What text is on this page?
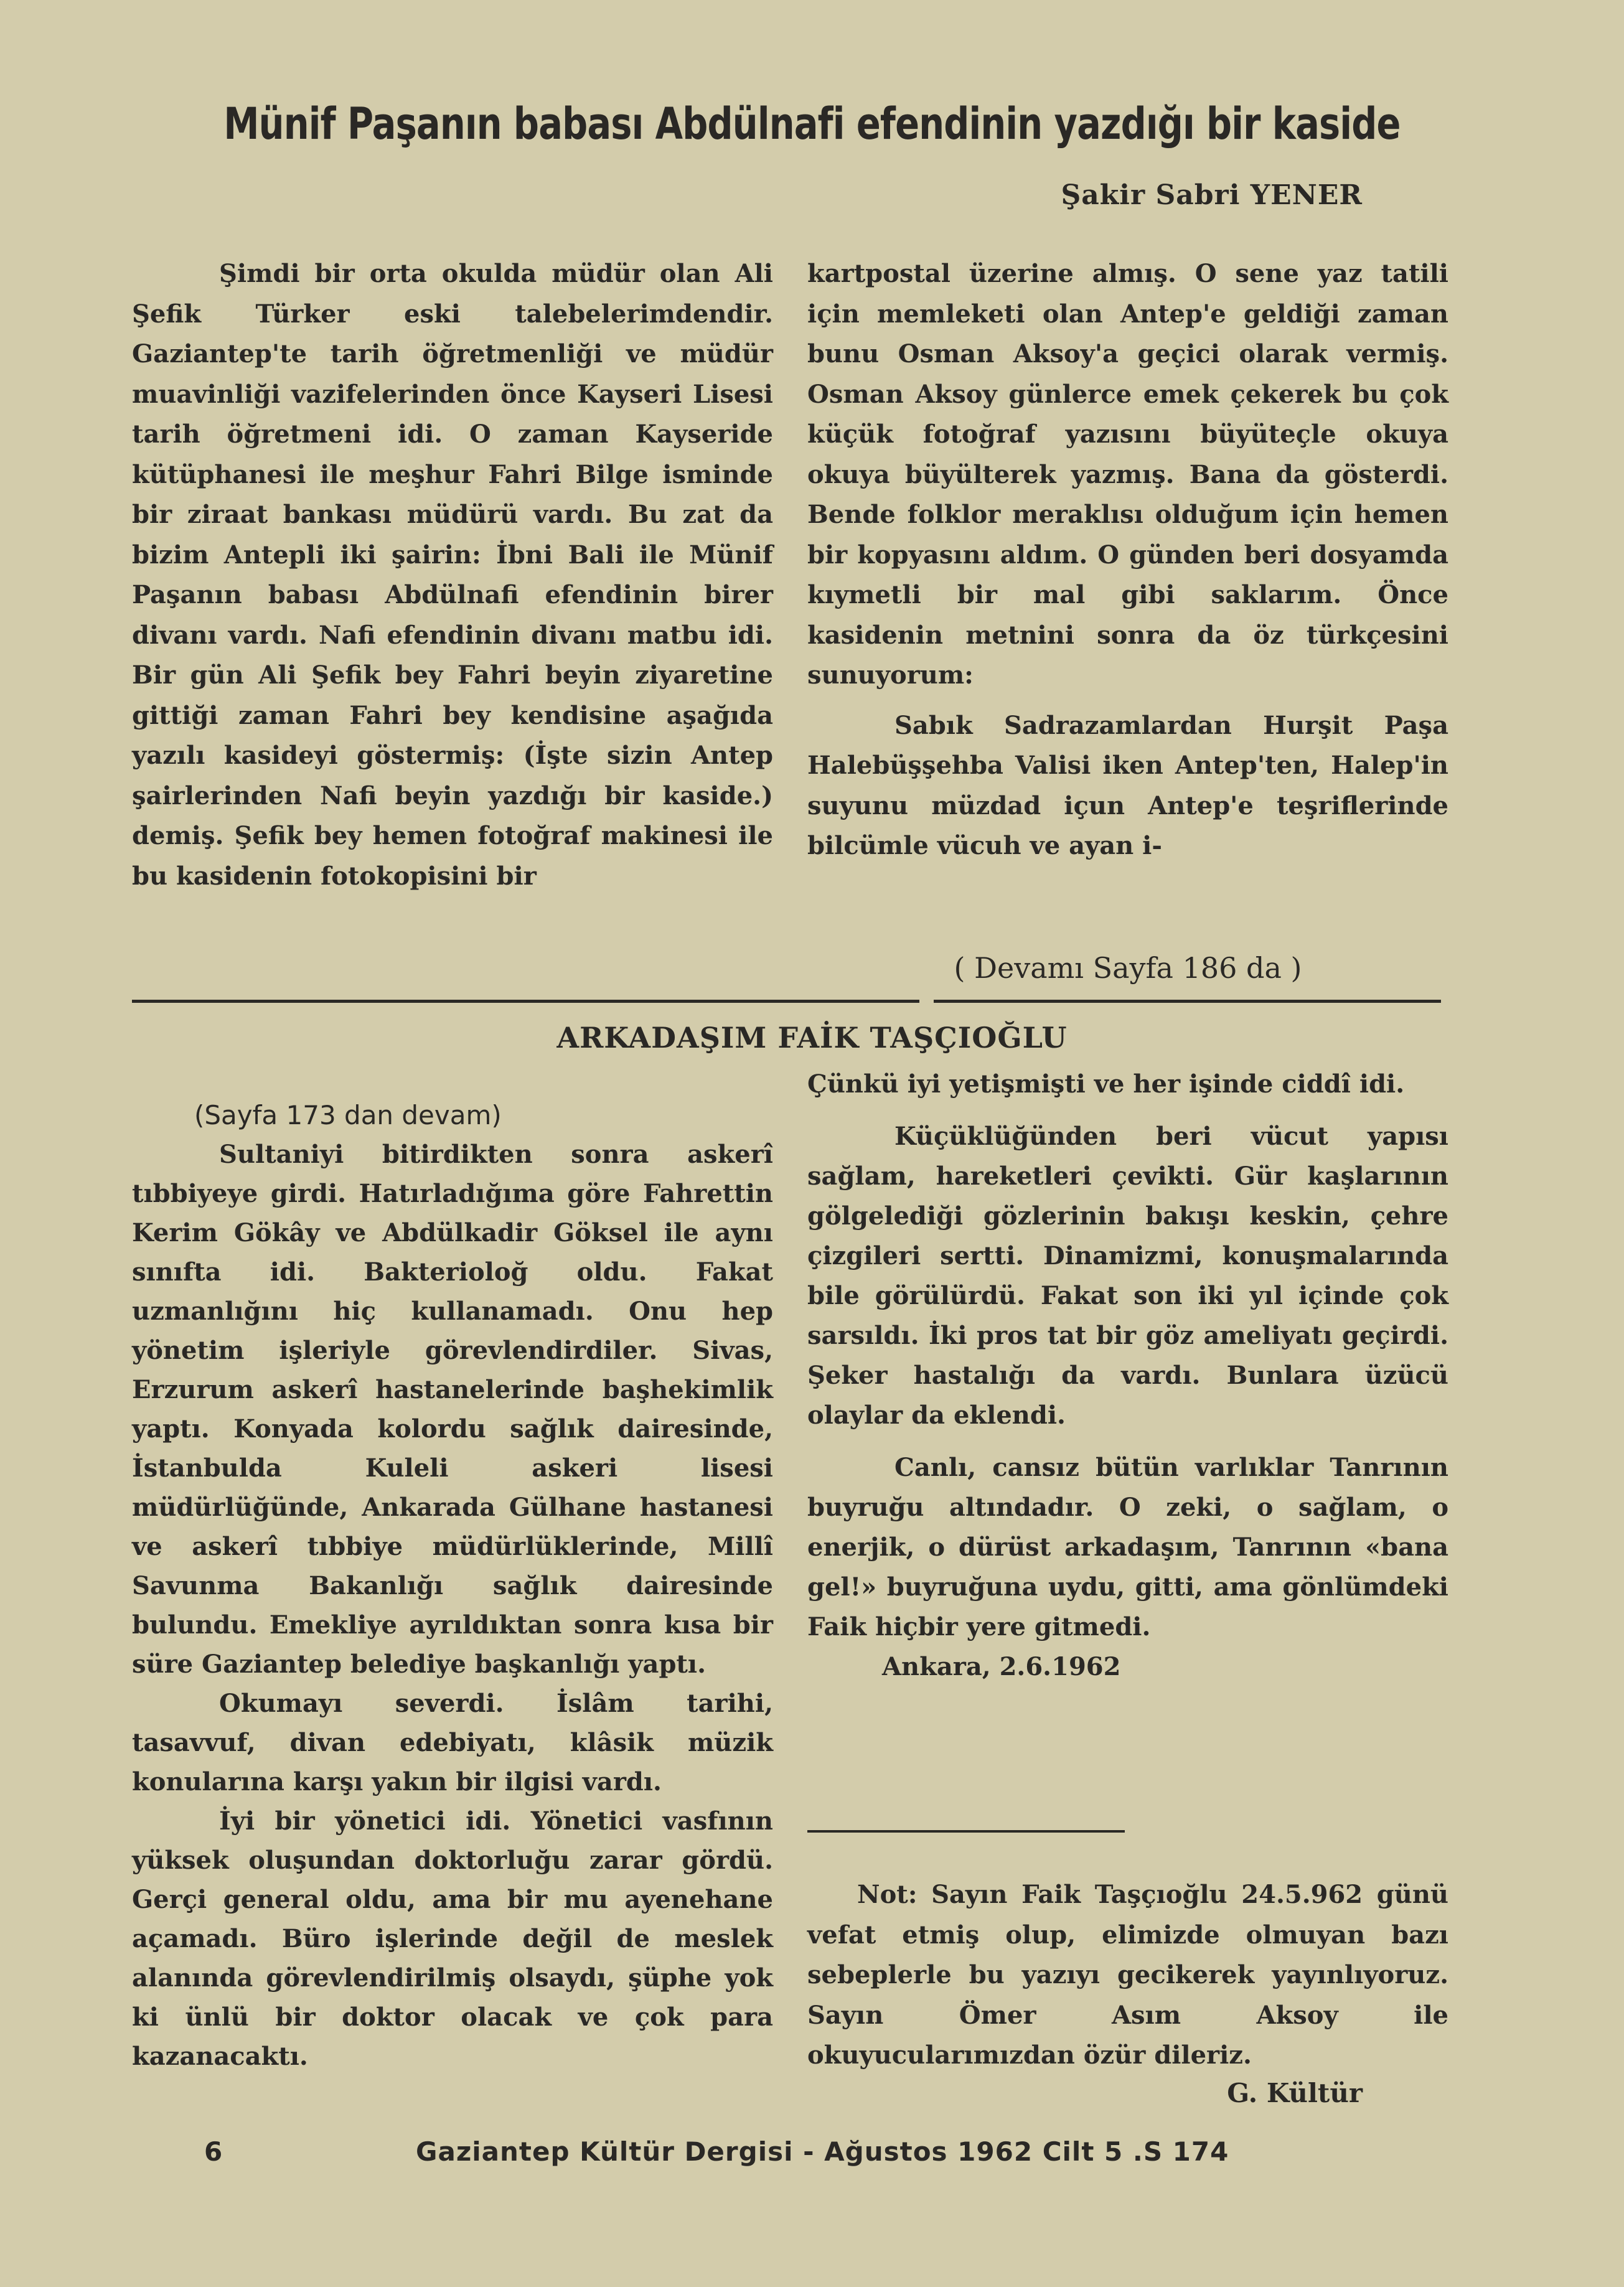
Münif Paşanın babası Abdülnafi efendinin yazdığı bir kaside
Şakir Sabri YENER

Şimdi bir orta okulda müdür olan Ali Şefik Türker eski talebelerimdendir. Gaziantep'te tarih öğretmenliği ve müdür muavinliği vazifelerinden önce Kayseri Lisesi tarih öğretmeni idi. O zaman Kayseride kütüphanesi ile meşhur Fahri Bilge isminde bir ziraat bankası müdürü vardı. Bu zat da bizim Antepli iki şairin: İbni Bali ile Münif Paşanın babası Abdülnafi efendinin birer divanı vardı. Nafi efendinin divanı matbu idi. Bir gün Ali Şefik bey Fahri beyin ziyaretine gittiği zaman Fahri bey kendisine aşağıda yazılı kasideyi göstermiş: (İşte sizin Antep şairlerinden Nafi beyin yazdığı bir kaside.) demiş. Şefik bey hemen fotoğraf makinesi ile bu kasidenin fotokopisini bir

kartpostal üzerine almış. O sene yaz tatili için memleketi olan Antep'e geldiği zaman bunu Osman Aksoy'a geçici olarak vermiş. Osman Aksoy günlerce emek çekerek bu çok küçük fotoğraf yazısını büyüteçle okuya okuya büyülterek yazmış. Bana da gösterdi. Bende folklor meraklısı olduğum için hemen bir kopyasını aldım. O günden beri dosyamda kıymetli bir mal gibi saklarım. Önce kasidenin metnini sonra da öz türkçesini sunuyorum:

Sabık Sadrazamlardan Hurşit Paşa Halebüşşehba Valisi iken Antep'ten, Halep'in suyunu müzdad içun Antep'e teşriflerinde bilcümle vücuh ve ayan i-

( Devamı Sayfa 186 da )
ARKADAŞIM FAİK TAŞÇIOĞLU

(Sayfa 173 dan devam)

Sultaniyi bitirdikten sonra askerî tıbbiyeye girdi. Hatırladığıma göre Fahrettin Kerim Gökây ve Abdülkadir Göksel ile aynı sınıfta idi. Bakterioloğ oldu. Fakat uzmanlığını hiç kullanamadı. Onu hep yönetim işleriyle görevlendirdiler. Sivas, Erzurum askerî hastanelerinde başhekimlik yaptı. Konyada kolordu sağlık dairesinde, İstanbulda Kuleli askeri lisesi müdürlüğünde, Ankarada Gülhane hastanesi ve askerî tıbbiye müdürlüklerinde, Millî Savunma Bakanlığı sağlık dairesinde bulundu. Emekliye ayrıldıktan sonra kısa bir süre Gaziantep belediye başkanlığı yaptı.

Okumayı severdi. İslâm tarihi, tasavvuf, divan edebiyatı, klâsik müzik konularına karşı yakın bir ilgisi vardı.

İyi bir yönetici idi. Yönetici vasfının yüksek oluşundan doktorluğu zarar gördü. Gerçi general oldu, ama bir mu ayenehane açamadı. Büro işlerinde değil de meslek alanında görevlendirilmiş olsaydı, şüphe yok ki ünlü bir doktor olacak ve çok para kazanacaktı.

Çünkü iyi yetişmişti ve her işinde ciddî idi.

Küçüklüğünden beri vücut yapısı sağlam, hareketleri çevikti. Gür kaşlarının gölgelediği gözlerinin bakışı keskin, çehre çizgileri sertti. Dinamizmi, konuşmalarında bile görülürdü. Fakat son iki yıl içinde çok sarsıldı. İki pros tat bir göz ameliyatı geçirdi. Şeker hastalığı da vardı. Bunlara üzücü olaylar da eklendi.

Canlı, cansız bütün varlıklar Tanrının buyruğu altındadır. O zeki, o sağlam, o enerjik, o dürüst arkadaşım, Tanrının «bana gel!» buyruğuna uydu, gitti, ama gönlümdeki Faik hiçbir yere gitmedi.

Ankara, 2.6.1962

Not: Sayın Faik Taşçıoğlu 24.5.962 günü vefat etmiş olup, elimizde olmuyan bazı sebeplerle bu yazıyı gecikerek yayınlıyoruz. Sayın Ömer Asım Aksoy ile okuyucularımızdan özür dileriz.

G. Kültür
6	Gaziantep Kültür Dergisi - Ağustos 1962 Cilt 5 .S 174
